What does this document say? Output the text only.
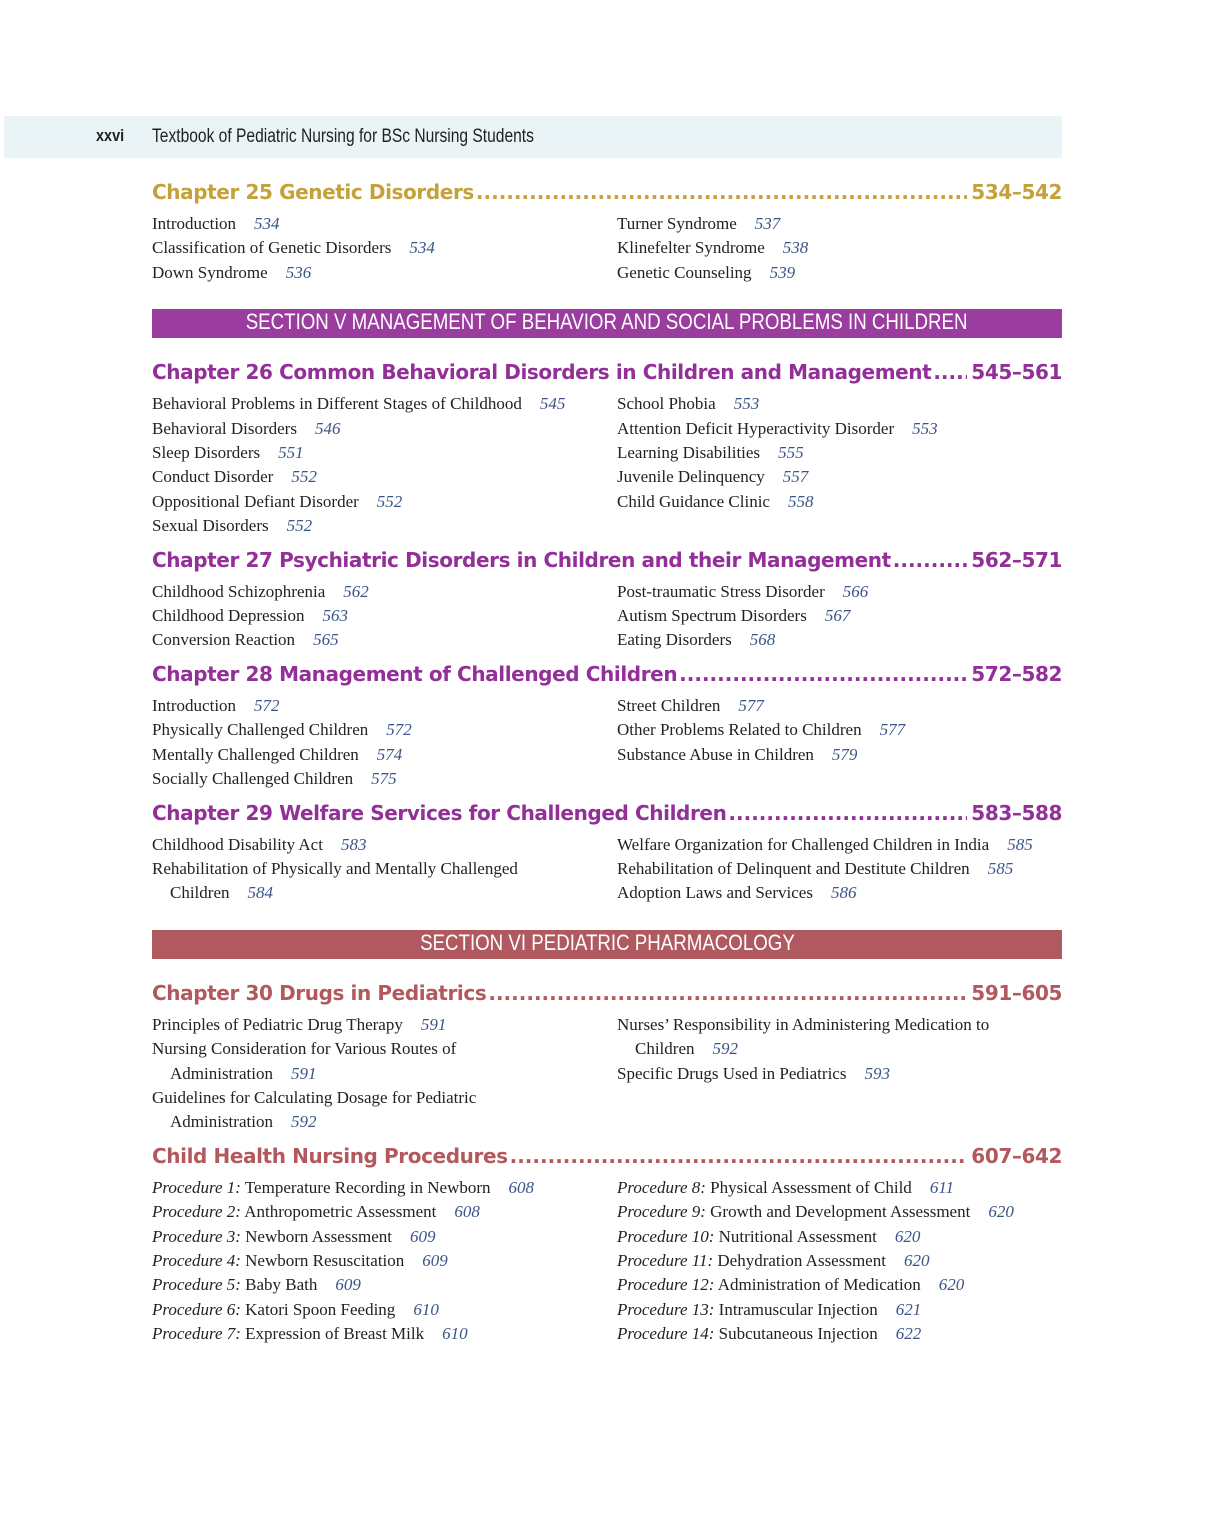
xxvi Textbook of Pediatric Nursing for BSc Nursing Students
Chapter 25 Genetic Disorders .....	534–542
Introduction 534
Classification of Genetic Disorders 534
Down Syndrome 536
Turner Syndrome 537
Klinefelter Syndrome 538
Genetic Counseling 539
SECTION V MANAGEMENT OF BEHAVIOR AND SOCIAL PROBLEMS IN CHILDREN
Chapter 26 Common Behavioral Disorders in Children and Management ..... 545–561
Behavioral Problems in Different Stages of Childhood 545
Behavioral Disorders 546
Sleep Disorders 551
Conduct Disorder 552
Oppositional Defiant Disorder 552
Sexual Disorders 552
School Phobia 553
Attention Deficit Hyperactivity Disorder 553
Learning Disabilities 555
Juvenile Delinquency 557
Child Guidance Clinic 558
Chapter 27 Psychiatric Disorders in Children and their Management .....	562–571
Childhood Schizophrenia 562
Childhood Depression 563
Conversion Reaction 565
Post-traumatic Stress Disorder 566
Autism Spectrum Disorders 567
Eating Disorders 568
Chapter 28 Management of Challenged Children .....	572–582
Introduction 572
Physically Challenged Children 572
Mentally Challenged Children 574
Socially Challenged Children 575
Street Children 577
Other Problems Related to Children 577
Substance Abuse in Children 579
Chapter 29 Welfare Services for Challenged Children .....	583–588
Childhood Disability Act 583
Rehabilitation of Physically and Mentally Challenged
Children 584
Welfare Organization for Challenged Children in India 585
Rehabilitation of Delinquent and Destitute Children 585
Adoption Laws and Services 586
SECTION VI PEDIATRIC PHARMACOLOGY
Chapter 30 Drugs in Pediatrics .....	591–605
Principles of Pediatric Drug Therapy 591
Nursing Consideration for Various Routes of
Administration 591
Guidelines for Calculating Dosage for Pediatric
Administration 592
Nurses’ Responsibility in Administering Medication to
Children 592
Specific Drugs Used in Pediatrics 593
Child Health Nursing Procedures .....	607–642
Procedure 1: Temperature Recording in Newborn 608
Procedure 2: Anthropometric Assessment 608
Procedure 3: Newborn Assessment 609
Procedure 4: Newborn Resuscitation 609
Procedure 5: Baby Bath 609
Procedure 6: Katori Spoon Feeding 610
Procedure 7: Expression of Breast Milk 610
Procedure 8: Physical Assessment of Child 611
Procedure 9: Growth and Development Assessment 620
Procedure 10: Nutritional Assessment 620
Procedure 11: Dehydration Assessment 620
Procedure 12: Administration of Medication 620
Procedure 13: Intramuscular Injection 621
Procedure 14: Subcutaneous Injection 622
